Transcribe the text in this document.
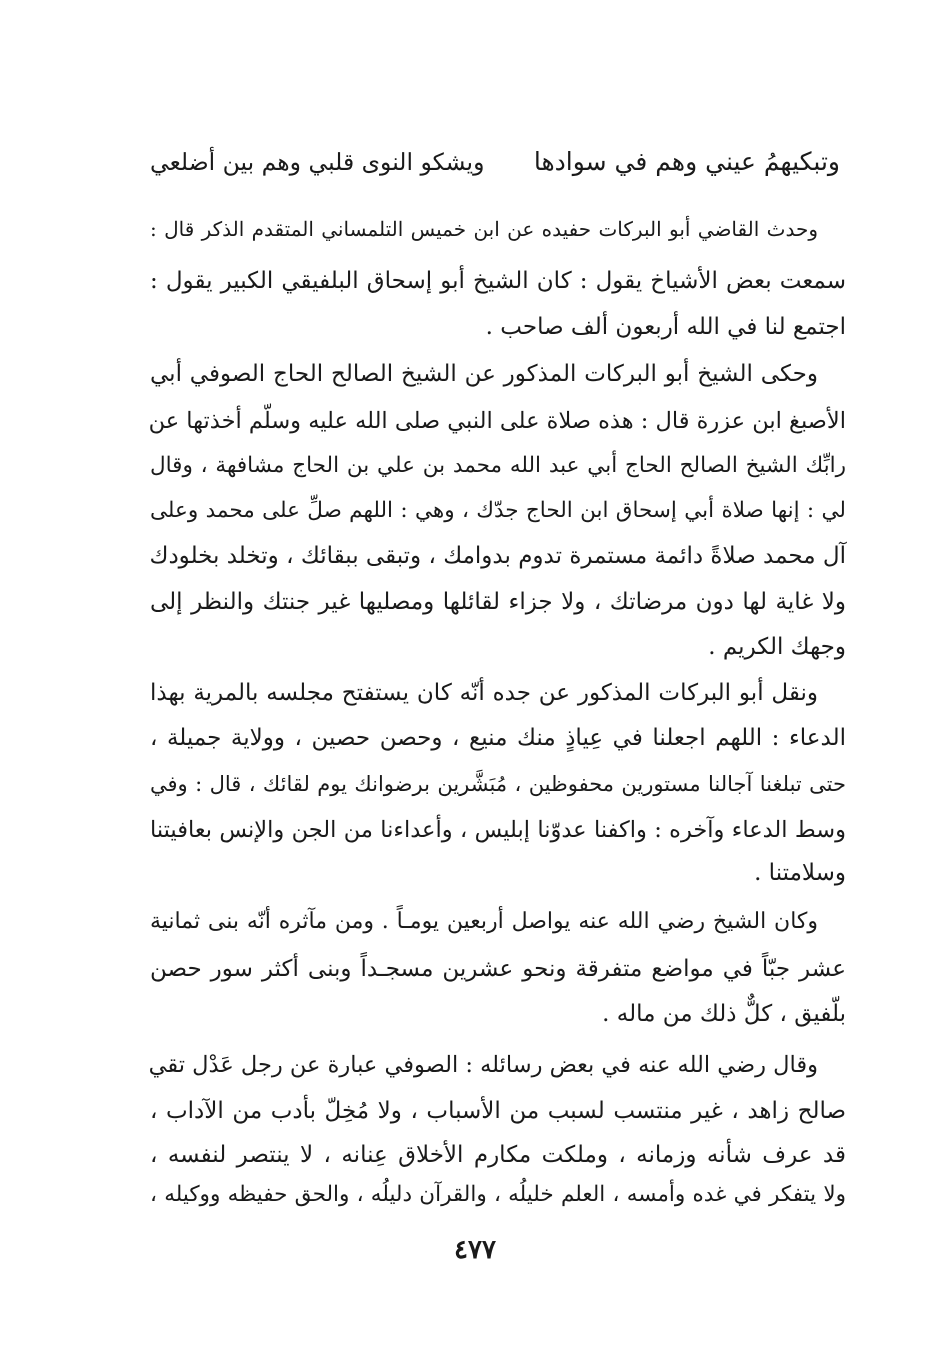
وتبكيهمُ عيني وهم في سوادها
ويشكو النوى قلبي وهم بين أضلعي
وحدث القاضي أبو البركات حفيده عن ابن خميس التلمساني المتقدم الذكر قال :
سمعت بعض الأشياخ يقول : كان الشيخ أبو إسحاق البلفيقي الكبير يقول :
اجتمع لنا في الله أربعون ألف صاحب .
وحكى الشيخ أبو البركات المذكور عن الشيخ الصالح الحاج الصوفي أبي
الأصبغ ابن عزرة قال : هذه صلاة على النبي صلى الله عليه وسلّم أخذتها عن
رابِّك الشيخ الصالح الحاج أبي عبد الله محمد بن علي بن الحاج مشافهة ، وقال
لي : إنها صلاة أبي إسحاق ابن الحاج جدّك ، وهي : اللهم صلِّ على محمد وعلى
آل محمد صلاةً دائمة مستمرة تدوم بدوامك ، وتبقى ببقائك ، وتخلد بخلودك
ولا غاية لها دون مرضاتك ، ولا جزاء لقائلها ومصليها غير جنتك والنظر إلى
وجهك الكريم .
ونقل أبو البركات المذكور عن جده أنّه كان يستفتح مجلسه بالمرية بهذا
الدعاء : اللهم اجعلنا في عِياذٍ منك منيع ، وحصن حصين ، وولاية جميلة ،
حتى تبلغنا آجالنا مستورين محفوظين ، مُبَشَّرين برضوانك يوم لقائك ، قال : وفي
وسط الدعاء وآخره : واكفنا عدوّنا إبليس ، وأعداءنا من الجن والإنس بعافيتنا
وسلامتنا .
وكان الشيخ رضي الله عنه يواصل أربعين يومـاً . ومن مآثره أنّه بنى ثمانية
عشر جبّاً في مواضع متفرقة ونحو عشرين مسجـداً وبنى أكثر سور حصن
بلّفيق ، كلٌّ ذلك من ماله .
وقال رضي الله عنه في بعض رسائله : الصوفي عبارة عن رجل عَدْل تقي
صالح زاهد ، غير منتسب لسبب من الأسباب ، ولا مُخِلّ بأدب من الآداب ،
قد عرف شأنه وزمانه ، وملكت مكارم الأخلاق عِنانه ، لا ينتصر لنفسه ،
ولا يتفكر في غده وأمسه ، العلم خليلُه ، والقرآن دليلُه ، والحق حفيظه ووكيله ،
٤٧٧
